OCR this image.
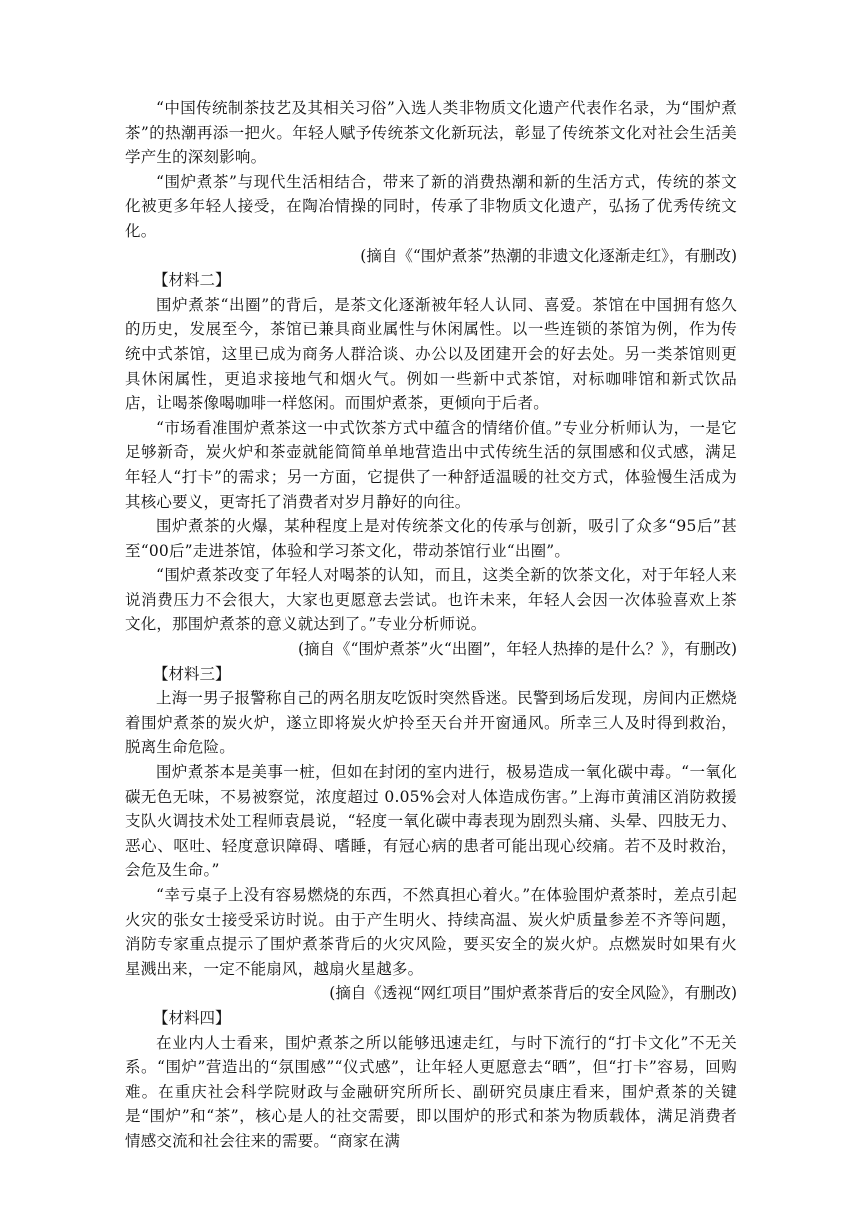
“中国传统制茶技艺及其相关习俗”入选人类非物质文化遗产代表作名录，为“围炉煮茶”的热潮再添一把火。年轻人赋予传统茶文化新玩法，彰显了传统茶文化对社会生活美学产生的深刻影响。

“围炉煮茶”与现代生活相结合，带来了新的消费热潮和新的生活方式，传统的茶文化被更多年轻人接受，在陶冶情操的同时，传承了非物质文化遗产，弘扬了优秀传统文化。

(摘自《“围炉煮茶”热潮的非遗文化逐渐走红》，有删改)

【材料二】

围炉煮茶“出圈”的背后，是茶文化逐渐被年轻人认同、喜爱。茶馆在中国拥有悠久的历史，发展至今，茶馆已兼具商业属性与休闲属性。以一些连锁的茶馆为例，作为传统中式茶馆，这里已成为商务人群洽谈、办公以及团建开会的好去处。另一类茶馆则更具休闲属性，更追求接地气和烟火气。例如一些新中式茶馆，对标咖啡馆和新式饮品店，让喝茶像喝咖啡一样悠闲。而围炉煮茶，更倾向于后者。

“市场看准围炉煮茶这一中式饮茶方式中蕴含的情绪价值。”专业分析师认为，一是它足够新奇，炭火炉和茶壶就能简简单单地营造出中式传统生活的氛围感和仪式感，满足年轻人“打卡”的需求；另一方面，它提供了一种舒适温暖的社交方式，体验慢生活成为其核心要义，更寄托了消费者对岁月静好的向往。

围炉煮茶的火爆，某种程度上是对传统茶文化的传承与创新，吸引了众多“95后”甚至“00后”走进茶馆，体验和学习茶文化，带动茶馆行业“出圈”。

“围炉煮茶改变了年轻人对喝茶的认知，而且，这类全新的饮茶文化，对于年轻人来说消费压力不会很大，大家也更愿意去尝试。也许未来，年轻人会因一次体验喜欢上茶文化，那围炉煮茶的意义就达到了。”专业分析师说。

(摘自《“围炉煮茶”火“出圈”，年轻人热捧的是什么？》，有删改)

【材料三】

上海一男子报警称自己的两名朋友吃饭时突然昏迷。民警到场后发现，房间内正燃烧着围炉煮茶的炭火炉，遂立即将炭火炉拎至天台并开窗通风。所幸三人及时得到救治，脱离生命危险。

围炉煮茶本是美事一桩，但如在封闭的室内进行，极易造成一氧化碳中毒。“一氧化碳无色无味，不易被察觉，浓度超过 0.05%会对人体造成伤害。”上海市黄浦区消防救援支队火调技术处工程师袁晨说，“轻度一氧化碳中毒表现为剧烈头痛、头晕、四肢无力、恶心、呕吐、轻度意识障碍、嗜睡，有冠心病的患者可能出现心绞痛。若不及时救治，会危及生命。”

“幸亏桌子上没有容易燃烧的东西，不然真担心着火。”在体验围炉煮茶时，差点引起火灾的张女士接受采访时说。由于产生明火、持续高温、炭火炉质量参差不齐等问题，消防专家重点提示了围炉煮茶背后的火灾风险，要买安全的炭火炉。点燃炭时如果有火星溅出来，一定不能扇风，越扇火星越多。

(摘自《透视“网红项目”围炉煮茶背后的安全风险》，有删改)

【材料四】

在业内人士看来，围炉煮茶之所以能够迅速走红，与时下流行的“打卡文化”不无关系。“围炉”营造出的“氛围感”“仪式感”，让年轻人更愿意去“晒”，但“打卡”容易，回购难。在重庆社会科学院财政与金融研究所所长、副研究员康庄看来，围炉煮茶的关键是“围炉”和“茶”，核心是人的社交需要，即以围炉的形式和茶为物质载体，满足消费者情感交流和社会往来的需要。“商家在满
